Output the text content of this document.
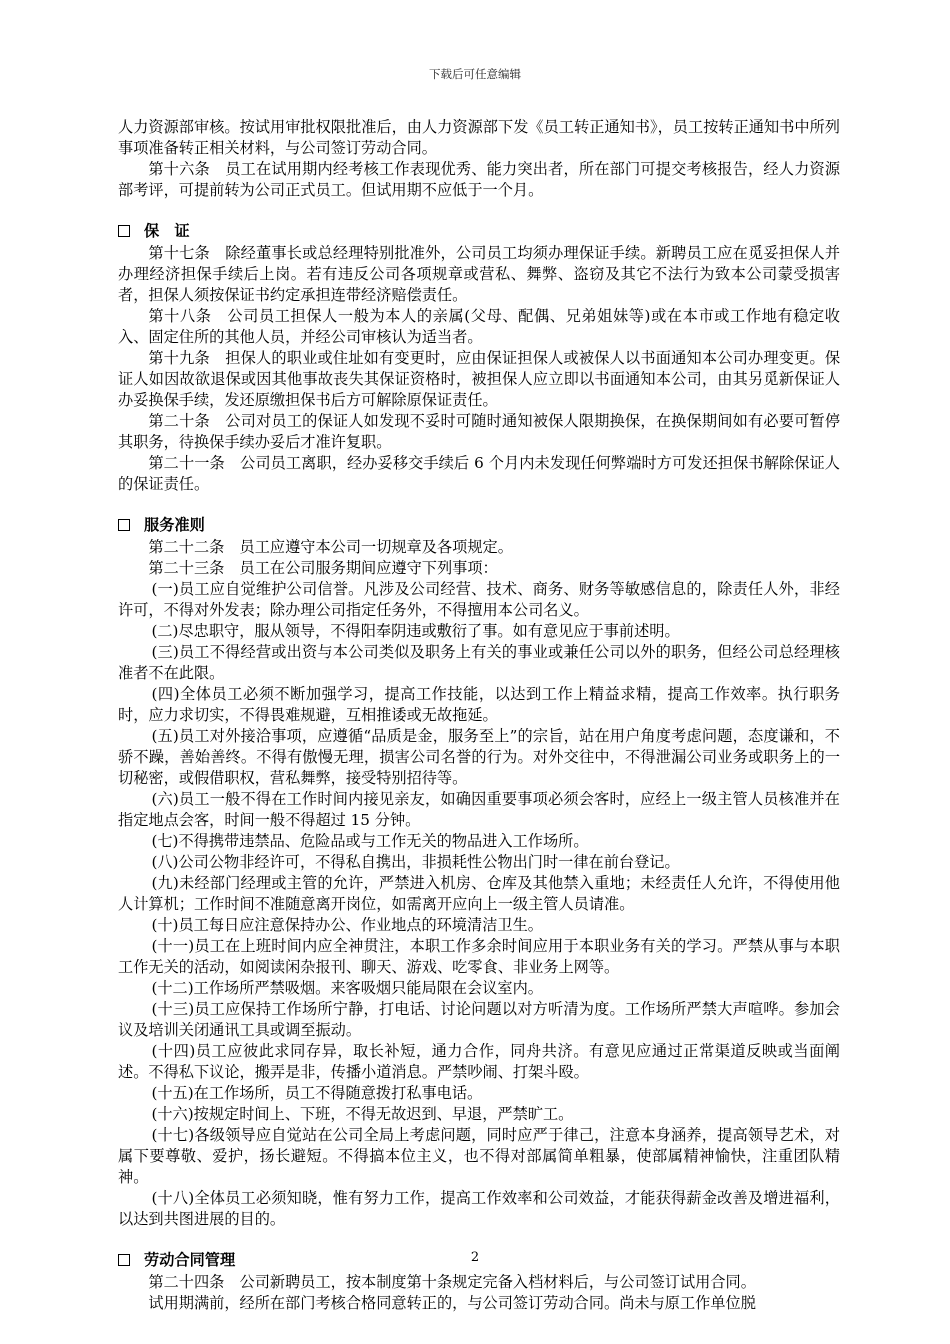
下载后可任意编辑

人力资源部审核。按试用审批权限批准后，由人力资源部下发《员工转正通知书》，员工按转正通知书中所列事项准备转正相关材料，与公司签订劳动合同。

第十六条　员工在试用期内经考核工作表现优秀、能力突出者，所在部门可提交考核报告，经人力资源部考评，可提前转为公司正式员工。但试用期不应低于一个月。

保　证

第十七条　除经董事长或总经理特别批准外，公司员工均须办理保证手续。新聘员工应在觅妥担保人并办理经济担保手续后上岗。若有违反公司各项规章或营私、舞弊、盗窃及其它不法行为致本公司蒙受损害者，担保人须按保证书约定承担连带经济赔偿责任。

第十八条　公司员工担保人一般为本人的亲属(父母、配偶、兄弟姐妹等)或在本市或工作地有稳定收入、固定住所的其他人员，并经公司审核认为适当者。

第十九条　担保人的职业或住址如有变更时，应由保证担保人或被保人以书面通知本公司办理变更。保证人如因故欲退保或因其他事故丧失其保证资格时，被担保人应立即以书面通知本公司，由其另觅新保证人办妥换保手续，发还原缴担保书后方可解除原保证责任。

第二十条　公司对员工的保证人如发现不妥时可随时通知被保人限期换保，在换保期间如有必要可暂停其职务，待换保手续办妥后才准许复职。

第二十一条　公司员工离职，经办妥移交手续后 6 个月内未发现任何弊端时方可发还担保书解除保证人的保证责任。

服务准则

第二十二条　员工应遵守本公司一切规章及各项规定。

第二十三条　员工在公司服务期间应遵守下列事项：

(一)员工应自觉维护公司信誉。凡涉及公司经营、技术、商务、财务等敏感信息的，除责任人外，非经许可，不得对外发表；除办理公司指定任务外，不得擅用本公司名义。

(二)尽忠职守，服从领导，不得阳奉阴违或敷衍了事。如有意见应于事前述明。

(三)员工不得经营或出资与本公司类似及职务上有关的事业或兼任公司以外的职务，但经公司总经理核准者不在此限。

(四)全体员工必须不断加强学习，提高工作技能，以达到工作上精益求精，提高工作效率。执行职务时，应力求切实，不得畏难规避，互相推诿或无故拖延。

(五)员工对外接洽事项，应遵循“品质是金，服务至上”的宗旨，站在用户角度考虑问题，态度谦和，不骄不躁，善始善终。不得有傲慢无理，损害公司名誉的行为。对外交往中，不得泄漏公司业务或职务上的一切秘密，或假借职权，营私舞弊，接受特别招待等。

(六)员工一般不得在工作时间内接见亲友，如确因重要事项必须会客时，应经上一级主管人员核准并在指定地点会客，时间一般不得超过 15 分钟。

(七)不得携带违禁品、危险品或与工作无关的物品进入工作场所。

(八)公司公物非经许可，不得私自携出，非损耗性公物出门时一律在前台登记。

(九)未经部门经理或主管的允许，严禁进入机房、仓库及其他禁入重地；未经责任人允许，不得使用他人计算机；工作时间不准随意离开岗位，如需离开应向上一级主管人员请准。

(十)员工每日应注意保持办公、作业地点的环境清洁卫生。

(十一)员工在上班时间内应全神贯注，本职工作多余时间应用于本职业务有关的学习。严禁从事与本职工作无关的活动，如阅读闲杂报刊、聊天、游戏、吃零食、非业务上网等。

(十二)工作场所严禁吸烟。来客吸烟只能局限在会议室内。

(十三)员工应保持工作场所宁静，打电话、讨论问题以对方听清为度。工作场所严禁大声喧哗。参加会议及培训关闭通讯工具或调至振动。

(十四)员工应彼此求同存异，取长补短，通力合作，同舟共济。有意见应通过正常渠道反映或当面阐述。不得私下议论，搬弄是非，传播小道消息。严禁吵闹、打架斗殴。

(十五)在工作场所，员工不得随意拨打私事电话。

(十六)按规定时间上、下班，不得无故迟到、早退，严禁旷工。

(十七)各级领导应自觉站在公司全局上考虑问题，同时应严于律己，注意本身涵养，提高领导艺术，对属下要尊敬、爱护，扬长避短。不得搞本位主义，也不得对部属简单粗暴，使部属精神愉快，注重团队精神。

(十八)全体员工必须知晓，惟有努力工作，提高工作效率和公司效益，才能获得薪金改善及增进福利，以达到共图进展的目的。

劳动合同管理

第二十四条　公司新聘员工，按本制度第十条规定完备入档材料后，与公司签订试用合同。

试用期满前，经所在部门考核合格同意转正的，与公司签订劳动合同。尚未与原工作单位脱

2
